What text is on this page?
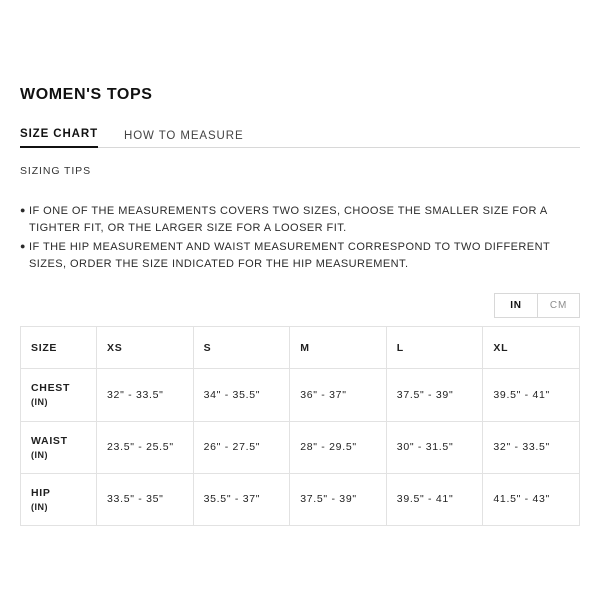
WOMEN'S TOPS
SIZE CHART HOW TO MEASURE
SIZING TIPS
● IF ONE OF THE MEASUREMENTS COVERS TWO SIZES, CHOOSE THE SMALLER SIZE FOR A TIGHTER FIT, OR THE LARGER SIZE FOR A LOOSER FIT.
● IF THE HIP MEASUREMENT AND WAIST MEASUREMENT CORRESPOND TO TWO DIFFERENT SIZES, ORDER THE SIZE INDICATED FOR THE HIP MEASUREMENT.
IN	CM
SIZE	XS	S	M	L	XL
CHEST
(IN)	32" - 33.5"	34" - 35.5"	36" - 37"	37.5" - 39"	39.5" - 41"
WAIST
(IN)	23.5" - 25.5"	26" - 27.5"	28" - 29.5"	30" - 31.5"	32" - 33.5"
HIP
(IN)	33.5" - 35"	35.5" - 37"	37.5" - 39"	39.5" - 41"	41.5" - 43"
